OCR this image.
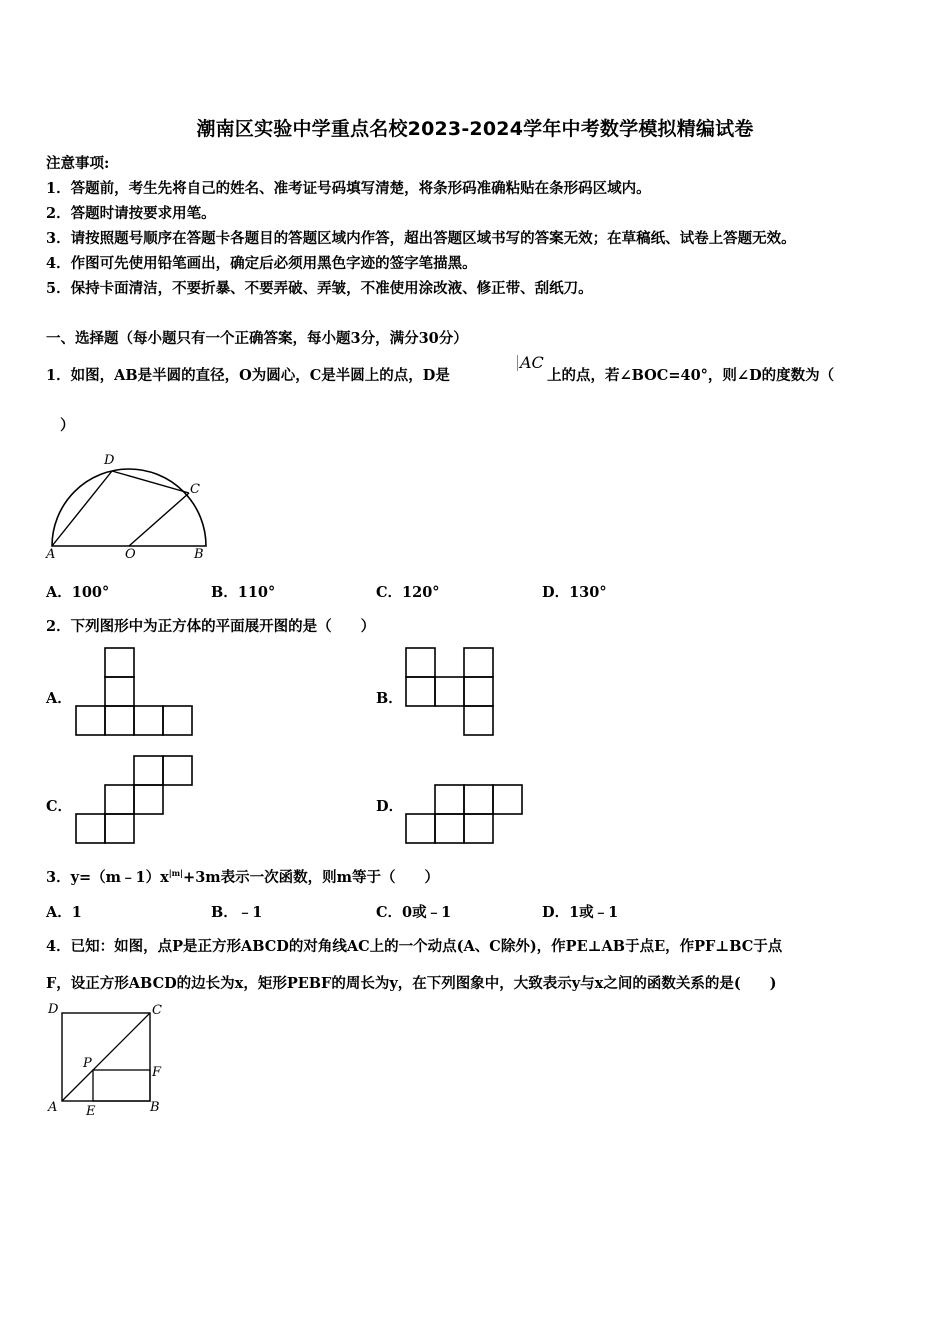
潮南区实验中学重点名校2023-2024学年中考数学模拟精编试卷
注意事项:
1．答题前，考生先将自己的姓名、准考证号码填写清楚，将条形码准确粘贴在条形码区域内。
2．答题时请按要求用笔。
3．请按照题号顺序在答题卡各题目的答题区域内作答，超出答题区域书写的答案无效；在草稿纸、试卷上答题无效。
4．作图可先使用铅笔画出，确定后必须用黑色字迹的签字笔描黑。
5．保持卡面清洁，不要折暴、不要弄破、弄皱，不准使用涂改液、修正带、刮纸刀。
一、选择题（每小题只有一个正确答案，每小题3分，满分30分）
1．如图，AB是半圆的直径，O为圆心，C是半圆上的点，D是
AC
上的点，若∠BOC=40°，则∠D的度数为（
）
D
C
A	O	B
A．100°	B．110°	C．120°	D．130°
2．下列图形中为正方体的平面展开图的是（　　）
A．	B．
C．	D．
3．$y=(m﹣1)x^{|m|}+3m$表示一次函数，则m等于（　　）
A．1	B．﹣1	C．0或﹣1	D．1或﹣1
4．已知：如图，点P是正方形ABCD的对角线AC上的一个动点(A、C除外)，作PE⊥AB于点E，作PF⊥BC于点
F，设正方形ABCD的边长为x，矩形PEBF的周长为y，在下列图象中，大致表示y与x之间的函数关系的是(　　)
D	C
P
F
A E	B
